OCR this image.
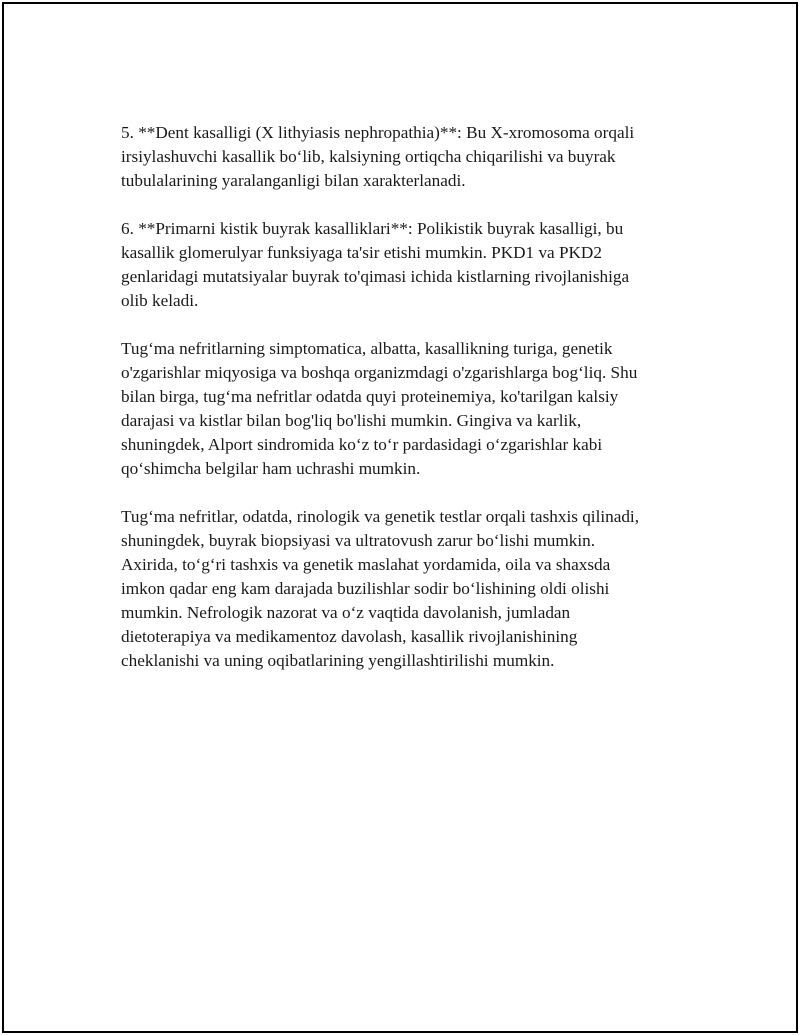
5. **Dent kasalligi (X lithyiasis nephropathia)**: Bu X-xromosoma orqali
irsiylashuvchi kasallik bo‘lib, kalsiyning ortiqcha chiqarilishi va buyrak
tubulalarining yaralanganligi bilan xarakterlanadi.

6. **Primarni kistik buyrak kasalliklari**: Polikistik buyrak kasalligi, bu
kasallik glomerulyar funksiyaga ta'sir etishi mumkin. PKD1 va PKD2
genlaridagi mutatsiyalar buyrak to'qimasi ichida kistlarning rivojlanishiga
olib keladi.

Tug‘ma nefritlarning simptomatica, albatta, kasallikning turiga, genetik
o'zgarishlar miqyosiga va boshqa organizmdagi o'zgarishlarga bog‘liq. Shu
bilan birga, tug‘ma nefritlar odatda quyi proteinemiya, ko'tarilgan kalsiy
darajasi va kistlar bilan bog'liq bo'lishi mumkin. Gingiva va karlik,
shuningdek, Alport sindromida ko‘z to‘r pardasidagi o‘zgarishlar kabi
qo‘shimcha belgilar ham uchrashi mumkin.

Tug‘ma nefritlar, odatda, rinologik va genetik testlar orqali tashxis qilinadi,
shuningdek, buyrak biopsiyasi va ultratovush zarur bo‘lishi mumkin.
Axirida, to‘g‘ri tashxis va genetik maslahat yordamida, oila va shaxsda
imkon qadar eng kam darajada buzilishlar sodir bo‘lishining oldi olishi
mumkin. Nefrologik nazorat va o‘z vaqtida davolanish, jumladan
dietoterapiya va medikamentoz davolash, kasallik rivojlanishining
cheklanishi va uning oqibatlarining yengillashtirilishi mumkin.
